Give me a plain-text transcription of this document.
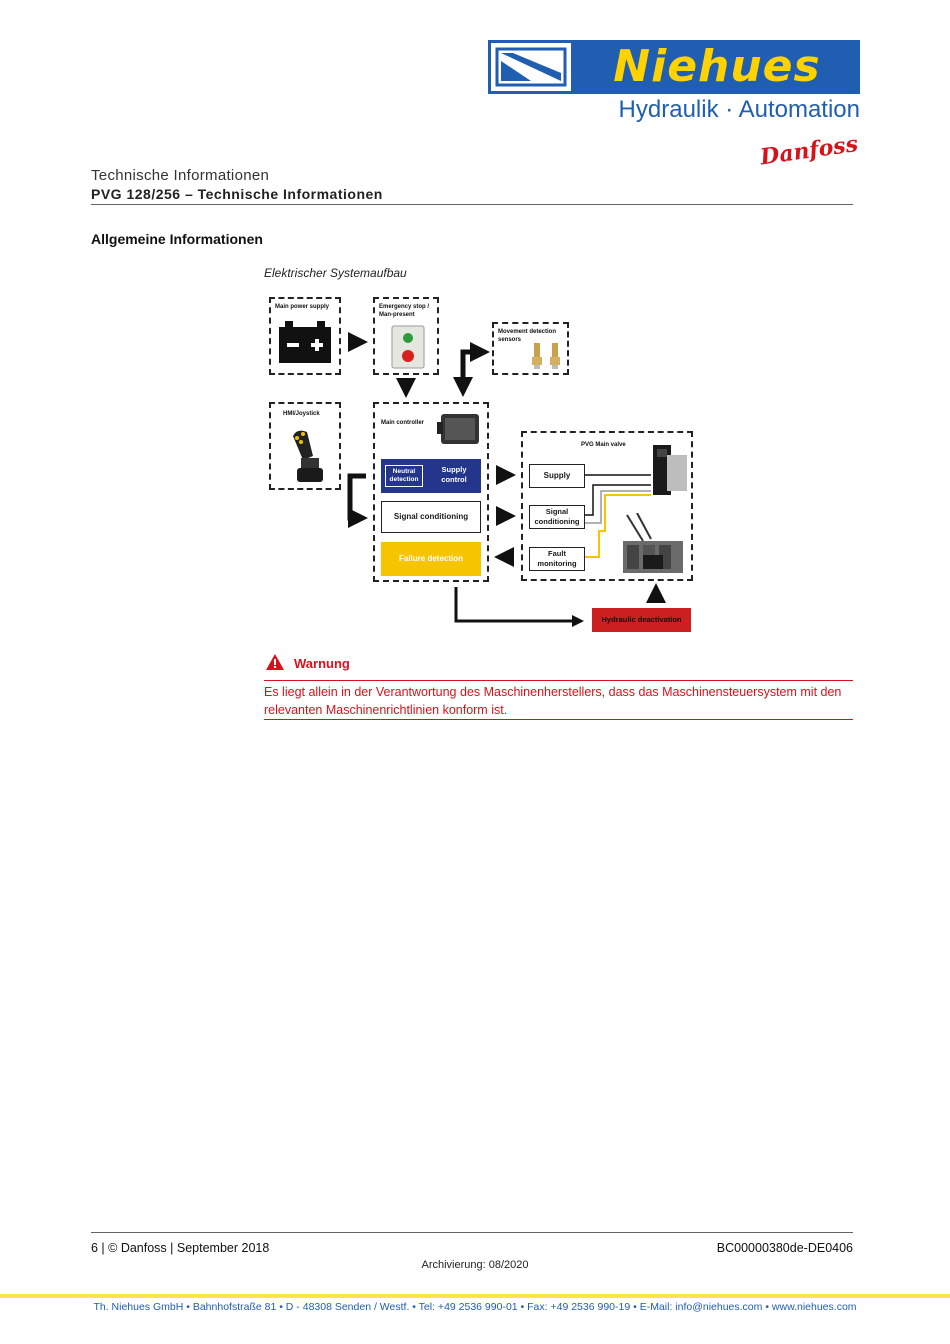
Niehues
Hydraulik · Automation
Danfoss
Technische Informationen
PVG 128/256 – Technische Informationen
Allgemeine Informationen
Elektrischer Systemaufbau
Main power supply	Emergency stop / Man-present
Movement detection sensors
HMI/Joystick
Main controller
Neutral detection
Supply control
Signal conditioning
Failure detection
PVG Main valve
Supply
Signal conditioning
Fault monitoring
Hydraulic deactivation
Warnung
Es liegt allein in der Verantwortung des Maschinenherstellers, dass das Maschinensteuersystem mit den relevanten Maschinenrichtlinien konform ist.
6 | © Danfoss | September 2018	BC00000380de-DE0406
Archivierung: 08/2020
Th. Niehues GmbH • Bahnhofstraße 81 • D - 48308 Senden / Westf. • Tel: +49 2536 990-01 • Fax: +49 2536 990-19 • E-Mail: info@niehues.com • www.niehues.com
